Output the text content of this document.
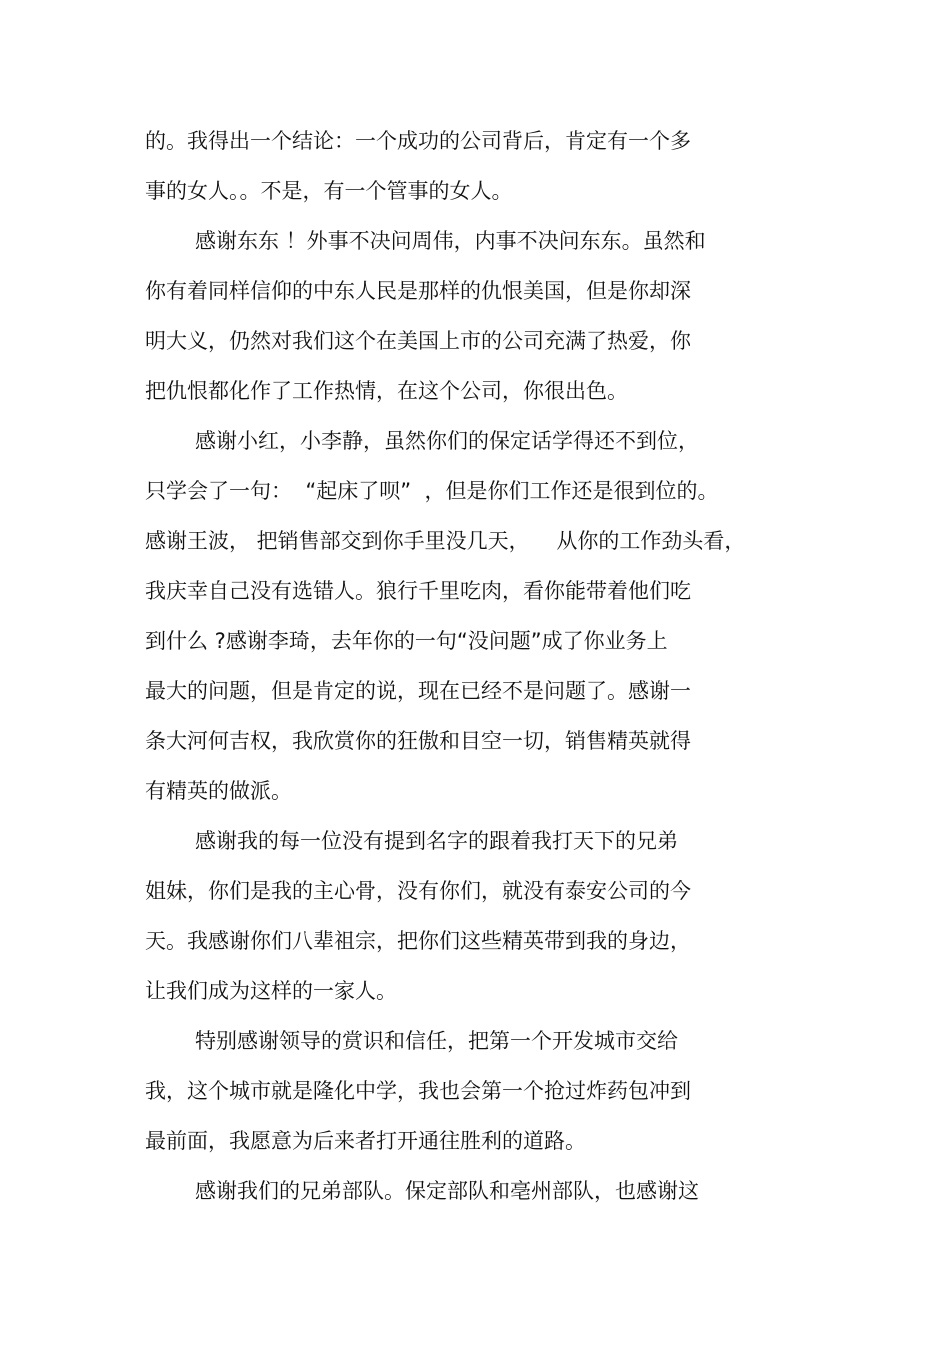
的。我得出一个结论：一个成功的公司背后，肯定有一个多
事的女人。。不是，有一个管事的女人。
感谢东东 ！外事不决问周伟，内事不决问东东。虽然和
你有着同样信仰的中东人民是那样的仇恨美国，但是你却深
明大义，仍然对我们这个在美国上市的公司充满了热爱，你
把仇恨都化作了工作热情，在这个公司，你很出色。
感谢小红，小李静，虽然你们的保定话学得还不到位，
只学会了一句：  “起床了呗”  ，但是你们工作还是很到位的。
感谢王波， 把销售部交到你手里没几天，    从你的工作劲头看，
我庆幸自己没有选错人。狼行千里吃肉，看你能带着他们吃
到什么 ?感谢李琦，去年你的一句“没问题”成了你业务上
最大的问题，但是肯定的说，现在已经不是问题了。感谢一
条大河何吉权，我欣赏你的狂傲和目空一切，销售精英就得
有精英的做派。
感谢我的每一位没有提到名字的跟着我打天下的兄弟
姐妹，你们是我的主心骨，没有你们，就没有泰安公司的今
天。我感谢你们八辈祖宗，把你们这些精英带到我的身边，
让我们成为这样的一家人。
特别感谢领导的赏识和信任，把第一个开发城市交给
我，这个城市就是隆化中学，我也会第一个抢过炸药包冲到
最前面，我愿意为后来者打开通往胜利的道路。
感谢我们的兄弟部队。保定部队和亳州部队，也感谢这
